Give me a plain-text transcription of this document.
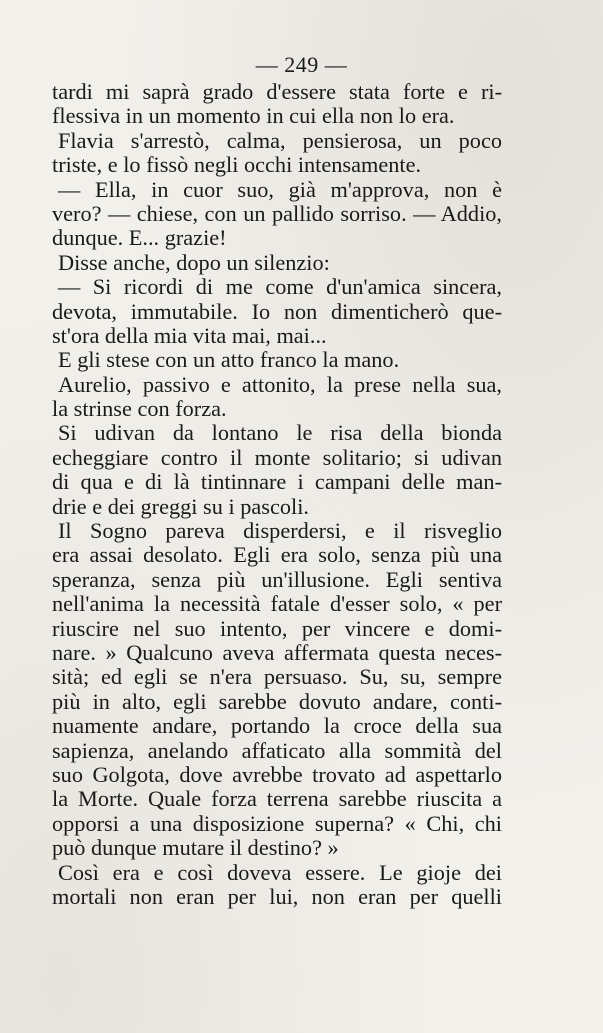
— 249 —
tardi mi saprà grado d'essere stata forte e ri-
flessiva in un momento in cui ella non lo era.
Flavia s'arrestò, calma, pensierosa, un poco
triste, e lo fissò negli occhi intensamente.
— Ella, in cuor suo, già m'approva, non è
vero? — chiese, con un pallido sorriso. — Addio,
dunque. E... grazie!
Disse anche, dopo un silenzio:
— Si ricordi di me come d'un'amica sincera,
devota, immutabile. Io non dimenticherò que-
st'ora della mia vita mai, mai...
E gli stese con un atto franco la mano.
Aurelio, passivo e attonito, la prese nella sua,
la strinse con forza.
Si udivan da lontano le risa della bionda
echeggiare contro il monte solitario; si udivan
di qua e di là tintinnare i campani delle man-
drie e dei greggi su i pascoli.
Il Sogno pareva disperdersi, e il risveglio
era assai desolato. Egli era solo, senza più una
speranza, senza più un'illusione. Egli sentiva
nell'anima la necessità fatale d'esser solo, « per
riuscire nel suo intento, per vincere e domi-
nare. » Qualcuno aveva affermata questa neces-
sità; ed egli se n'era persuaso. Su, su, sempre
più in alto, egli sarebbe dovuto andare, conti-
nuamente andare, portando la croce della sua
sapienza, anelando affaticato alla sommità del
suo Golgota, dove avrebbe trovato ad aspettarlo
la Morte. Quale forza terrena sarebbe riuscita a
opporsi a una disposizione superna? « Chi, chi
può dunque mutare il destino? »
Così era e così doveva essere. Le gioje dei
mortali non eran per lui, non eran per quelli
